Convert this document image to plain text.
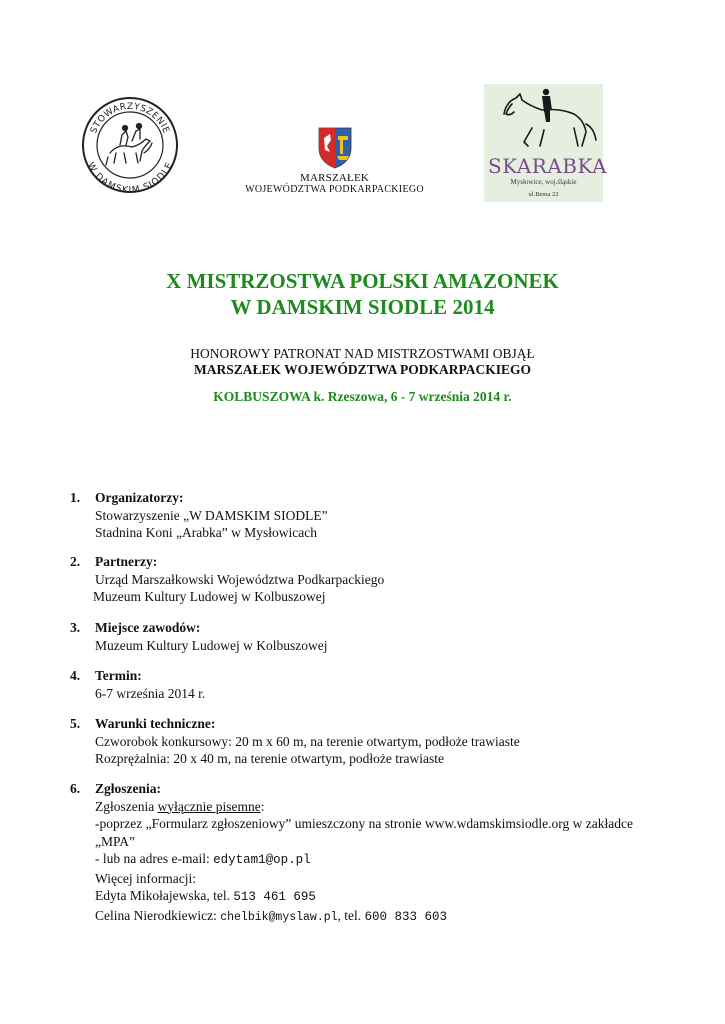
STOWARZYSZENIE
W DAMSKIM SIODLE
MARSZAŁEK
WOJEWÓDZTWA PODKARPACKIEGO
SKARABKA
Mysłowice, woj.śląskie
ul.Bema 22
X MISTRZOSTWA POLSKI AMAZONEK
W DAMSKIM SIODLE 2014
HONOROWY PATRONAT NAD MISTRZOSTWAMI OBJĄŁ
MARSZAŁEK WOJEWÓDZTWA PODKARPACKIEGO
KOLBUSZOWA k. Rzeszowa, 6 - 7 września 2014 r.
1.	Organizatorzy:
Stowarzyszenie „W DAMSKIM SIODLE”
Stadnina Koni „Arabka” w Mysłowicach
2.	Partnerzy:
Urząd Marszałkowski Województwa Podkarpackiego
Muzeum Kultury Ludowej w Kolbuszowej
3.	Miejsce zawodów:
Muzeum Kultury Ludowej w Kolbuszowej
4.	Termin:
6-7 września 2014 r.
5.	Warunki techniczne:
Czworobok konkursowy: 20 m x 60 m, na terenie otwartym, podłoże trawiaste
Rozprężalnia: 20 x 40 m, na terenie otwartym, podłoże trawiaste
6.	Zgłoszenia:
Zgłoszenia wyłącznie pisemne:
-poprzez „Formularz zgłoszeniowy” umieszczony na stronie www.wdamskimsiodle.org w zakładce
„MPA”
- lub na adres e-mail: edytam1@op.pl
Więcej informacji:
Edyta Mikołajewska, tel. 513 461 695
Celina Nierodkiewicz: chelbik@myslaw.pl, tel. 600 833 603
